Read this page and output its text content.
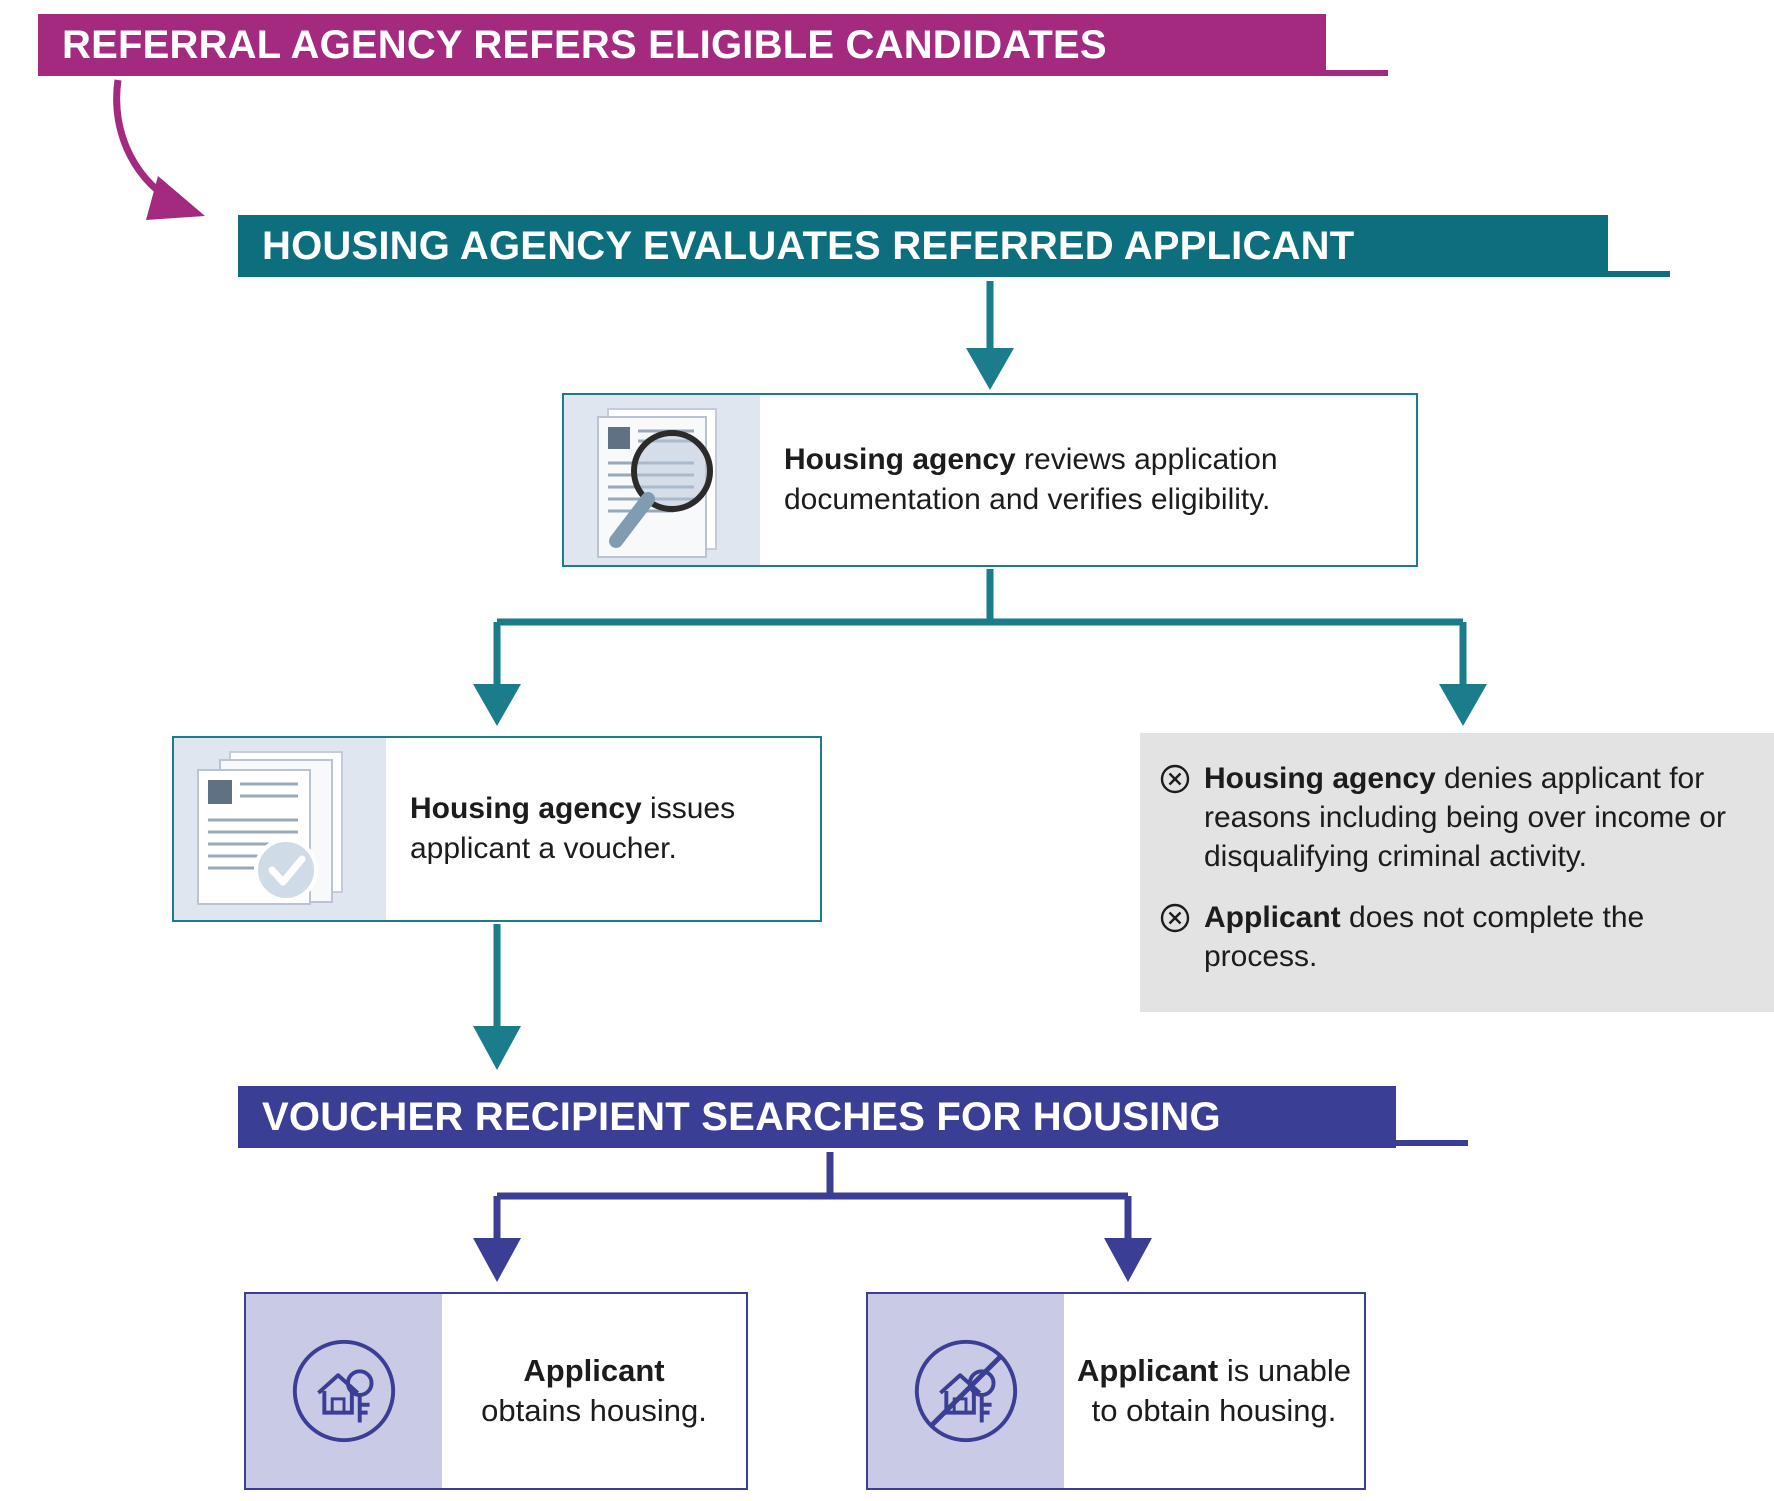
REFERRAL AGENCY REFERS ELIGIBLE CANDIDATES
HOUSING AGENCY EVALUATES REFERRED APPLICANT
Housing agency reviews application documentation and verifies eligibility.
Housing agency issues applicant a voucher.
Housing agency denies applicant for reasons including being over income or disqualifying criminal activity.
Applicant does not complete the process.
VOUCHER RECIPIENT SEARCHES FOR HOUSING
Applicant
obtains housing.
Applicant is unable to obtain housing.
